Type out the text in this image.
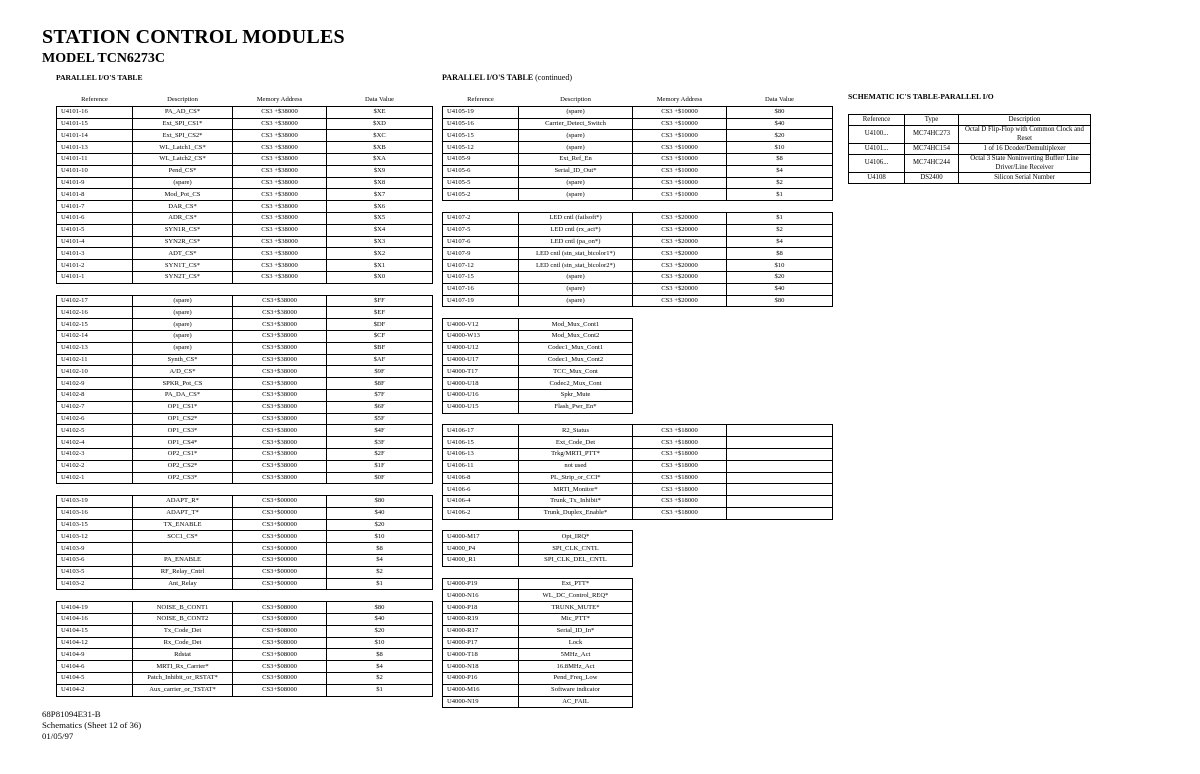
STATION CONTROL MODULES
MODEL TCN6273C
PARALLEL I/O'S TABLE	PARALLEL I/O'S TABLE (continued)
SCHEMATIC IC'S TABLE-PARALLEL I/O
Reference	Description	Memory Address	Data Value
U4101-16	PA_AD_CS*	CS3 +$38000	$XE
U4101-15	Ext_SPI_CS1*	CS3 +$38000	$XD
U4101-14	Ext_SPI_CS2*	CS3 +$38000	$XC
U4101-13	WL_Latch1_CS*	CS3 +$38000	$XB
U4101-11	WL_Latch2_CS*	CS3 +$38000	$XA
U4101-10	Pend_CS*	CS3 +$38000	$X9
U4101-9	(spare)	CS3 +$38000	$X8
U4101-8	Mod_Pot_CS	CS3 +$38000	$X7
U4101-7	DAR_CS*	CS3 +$38000	$X6
U4101-6	ADR_CS*	CS3 +$38000	$X5
U4101-5	SYN1R_CS*	CS3 +$38000	$X4
U4101-4	SYN2R_CS*	CS3 +$38000	$X3
U4101-3	ADT_CS*	CS3 +$38000	$X2
U4101-2	SYN1T_CS*	CS3 +$38000	$X1
U4101-1	SYN2T_CS*	CS3 +$38000	$X0

U4102-17	(spare)	CS3+$38000	$FF
U4102-16	(spare)	CS3+$38000	$EF
U4102-15	(spare)	CS3+$38000	$DF
U4102-14	(spare)	CS3+$38000	$CF
U4102-13	(spare)	CS3+$38000	$BF
U4102-11	Synth_CS*	CS3+$38000	$AF
U4102-10	A/D_CS*	CS3+$38000	$9F
U4102-9	SPKR_Pot_CS	CS3+$38000	$8F
U4102-8	PA_DA_CS*	CS3+$38000	$7F
U4102-7	OP1_CS1*	CS3+$38000	$6F
U4102-6	OP1_CS2*	CS3+$38000	$5F
U4102-5	OP1_CS3*	CS3+$38000	$4F
U4102-4	OP1_CS4*	CS3+$38000	$3F
U4102-3	OP2_CS1*	CS3+$38000	$2F
U4102-2	OP2_CS2*	CS3+$38000	$1F
U4102-1	OP2_CS3*	CS3+$38000	$0F

U4103-19	ADAPT_R*	CS3+$00000	$80
U4103-16	ADAPT_T*	CS3+$00000	$40
U4103-15	TX_ENABLE	CS3+$00000	$20
U4103-12	SCC1_CS*	CS3+$00000	$10
U4103-9		CS3+$00000	$8
U4103-6	PA_ENABLE	CS3+$00000	$4
U4103-5	RF_Relay_Cntrl	CS3+$00000	$2
U4103-2	Ant_Relay	CS3+$00000	$1

U4104-19	NOISE_B_CONT1	CS3+$08000	$80
U4104-16	NOISE_B_CONT2	CS3+$08000	$40
U4104-15	Tx_Code_Det	CS3+$08000	$20
U4104-12	Rx_Code_Det	CS3+$08000	$10
U4104-9	Rdstat	CS3+$08000	$8
U4104-6	MRTI_Rx_Carrier*	CS3+$08000	$4
U4104-5	Patch_Inhibit_or_RSTAT*	CS3+$08000	$2
U4104-2	Aux_carrier_or_TSTAT*	CS3+$08000	$1
Reference	Description	Memory Address	Data Value
U4105-19	(spare)	CS3 +$10000	$80
U4105-16	Carrier_Detect_Switch	CS3 +$10000	$40
U4105-15	(spare)	CS3 +$10000	$20
U4105-12	(spare)	CS3 +$10000	$10
U4105-9	Ext_Ref_En	CS3 +$10000	$8
U4105-6	Serial_ID_Out*	CS3 +$10000	$4
U4105-5	(spare)	CS3 +$10000	$2
U4105-2	(spare)	CS3 +$10000	$1

U4107-2	LED cntl (failsoft*)	CS3 +$20000	$1
U4107-5	LED cntl (rx_act*)	CS3 +$20000	$2
U4107-6	LED cntl (pa_on*)	CS3 +$20000	$4
U4107-9	LED cntl (stn_stat_bicolor1*)	CS3 +$20000	$8
U4107-12	LED cntl (stn_stat_bicolor2*)	CS3 +$20000	$10
U4107-15	(spare)	CS3 +$20000	$20
U4107-16	(spare)	CS3 +$20000	$40
U4107-19	(spare)	CS3 +$20000	$80

U4000-V12	Mod_Mux_Cont1		
U4000-W13	Mod_Mux_Cont2		
U4000-U12	Codec1_Mux_Cont1		
U4000-U17	Codec1_Mux_Cont2		
U4000-T17	TCC_Mux_Cont		
U4000-U18	Codec2_Mux_Cont		
U4000-U16	Spkr_Mute		
U4000-U15	Flash_Pwr_En*		

U4106-17	R2_Status	CS3 +$18000	
U4106-15	Ext_Code_Det	CS3 +$18000	
U4106-13	Trkg/MRTI_PTT*	CS3 +$18000	
U4106-11	not used	CS3 +$18000	
U4106-8	PL_Strip_or_CCI*	CS3 +$18000	
U4106-6	MRTI_Monitor*	CS3 +$18000	
U4106-4	Trunk_Tx_Inhibit*	CS3 +$18000	
U4106-2	Trunk_Duplex_Enable*	CS3 +$18000	

U4000-M17	Opt_IRQ*		
U4000_P4	SPI_CLK_CNTL		
U4000_R1	SPI_CLK_DEL_CNTL		

U4000-P19	Ext_PTT*		
U4000-N16	WL_DC_Control_REQ*		
U4000-P18	TRUNK_MUTE*		
U4000-R19	Mic_PTT*		
U4000-R17	Serial_ID_In*		
U4000-P17	Lock		
U4000-T18	5MHz_Act		
U4000-N18	16.8MHz_Act		
U4000-P16	Pend_Freq_Low		
U4000-M16	Software indicator		
U4000-N19	AC_FAIL		
Reference	Type	Description
U4100...	MC74HC273	Octal D Flip-Flop with Common Clock and Reset
U4101...	MC74HC154	1 of 16 Dcoder/Demultiplexer
U4106...	MC74HC244	Octal 3 State Noninverting Buffer/ Line Driver/Line Receiver
U4108	DS2400	Silicon Serial Number
68P81094E31-B
Schematics (Sheet 12 of 36)
01/05/97
